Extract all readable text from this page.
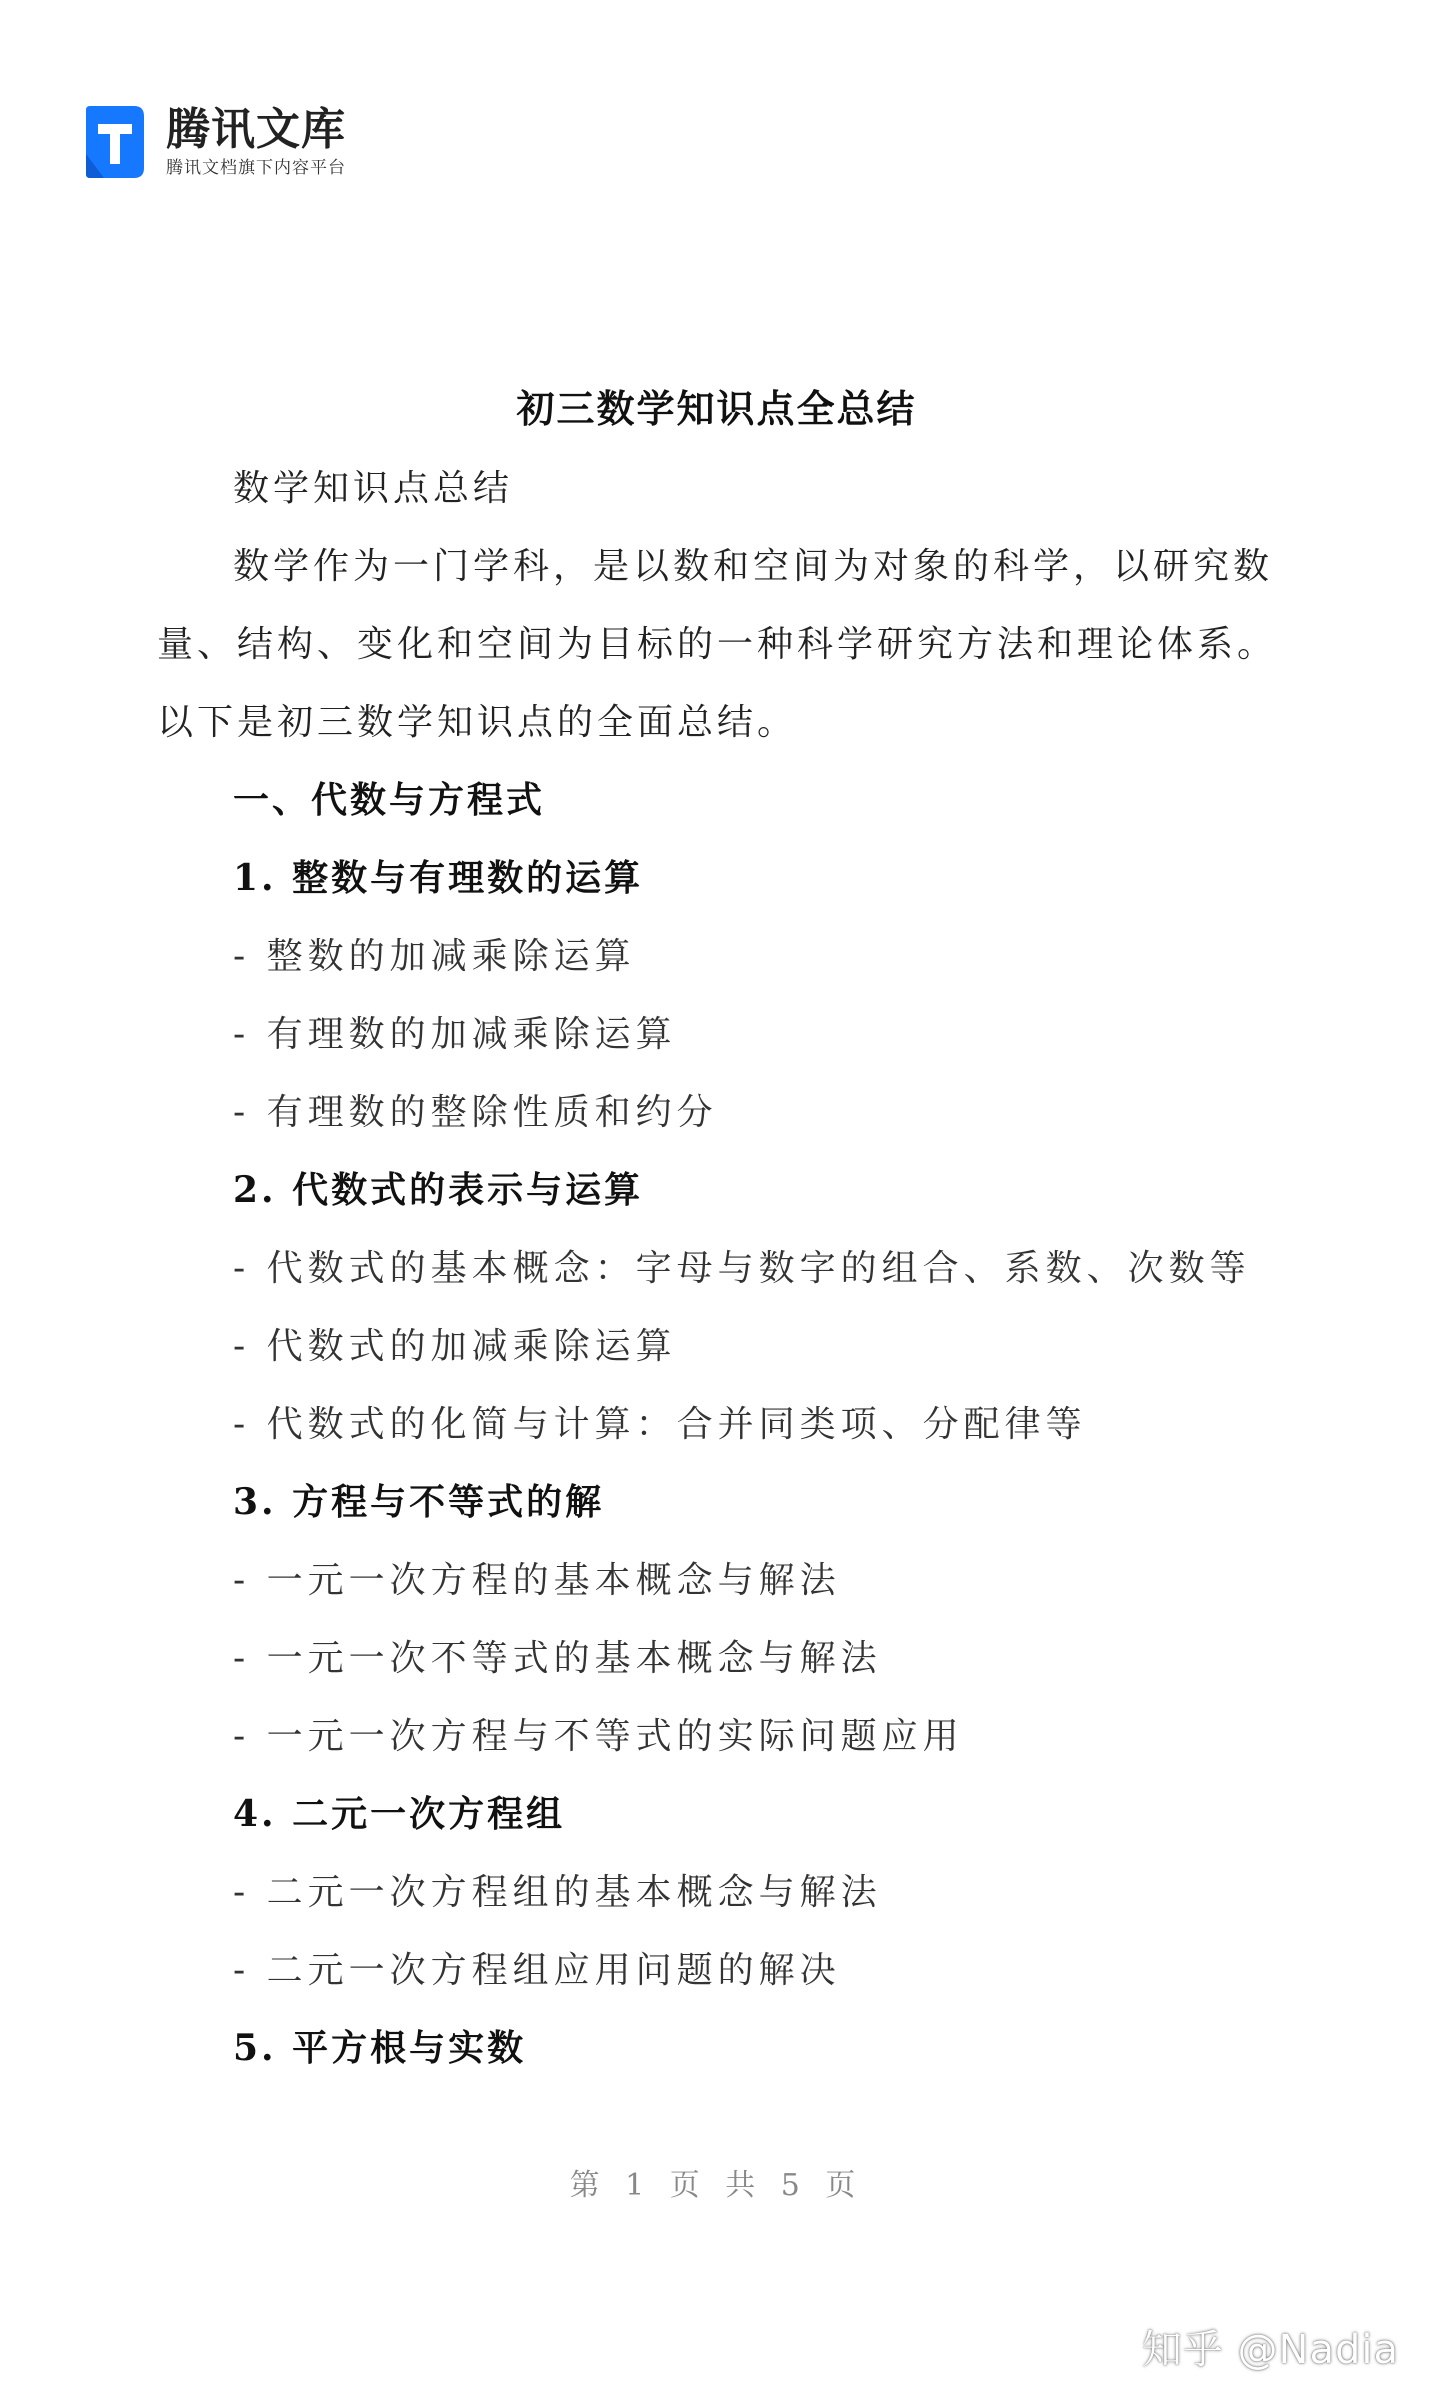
腾讯文库
腾讯文档旗下内容平台
初三数学知识点全总结
数学知识点总结
数学作为一门学科，是以数和空间为对象的科学，以研究数
量、结构、变化和空间为目标的一种科学研究方法和理论体系。
以下是初三数学知识点的全面总结。
一、代数与方程式
1. 整数与有理数的运算
- 整数的加减乘除运算
- 有理数的加减乘除运算
- 有理数的整除性质和约分
2. 代数式的表示与运算
- 代数式的基本概念：字母与数字的组合、系数、次数等
- 代数式的加减乘除运算
- 代数式的化简与计算：合并同类项、分配律等
3. 方程与不等式的解
- 一元一次方程的基本概念与解法
- 一元一次不等式的基本概念与解法
- 一元一次方程与不等式的实际问题应用
4. 二元一次方程组
- 二元一次方程组的基本概念与解法
- 二元一次方程组应用问题的解决
5. 平方根与实数
第 1 页 共 5 页
知乎 @Nadia
